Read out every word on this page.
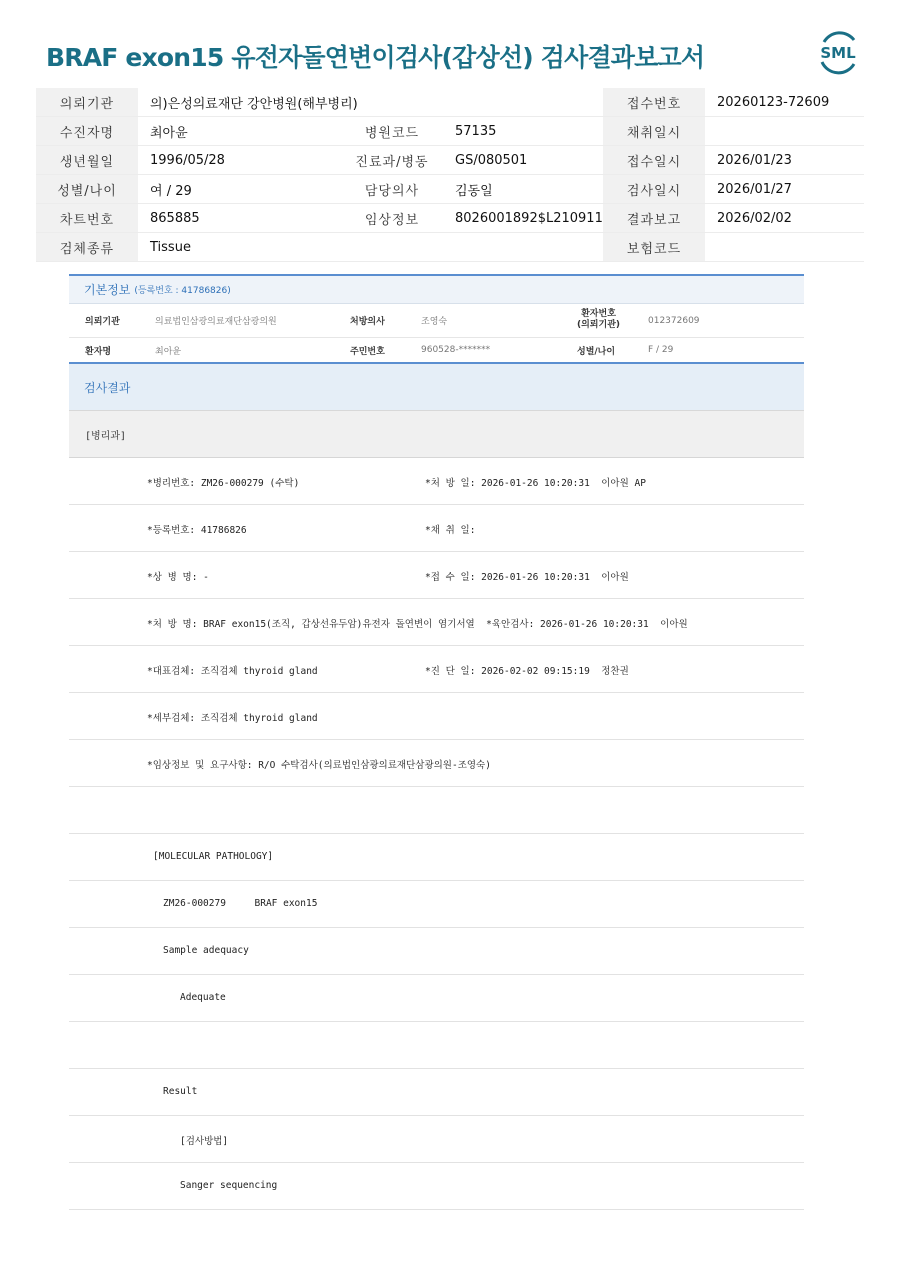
BRAF exon15 유전자돌연변이검사(갑상선) 검사결과보고서	SML
의뢰기관	의)은성의료재단 강안병원(해부병리)			접수번호	20260123-72609
수진자명	최아윤	병원코드	57135	채취일시	
생년월일	1996/05/28	진료과/병동	GS/080501	접수일시	2026/01/23
성별/나이	여 / 29	담당의사	김동일	검사일시	2026/01/27
차트번호	865885	임상정보	8026001892$L210911	결과보고	2026/02/02
검체종류	Tissue			보험코드	
기본정보 (등록번호 : 41786826)
의뢰기관	의료법인삼광의료재단삼광의원	처방의사	조영숙
환자번호
(의뢰기관)	012372609
환자명	최아윤	주민번호	960528-*******	성별/나이	F / 29
검사결과
[병리과]
*병리번호: ZM26-000279 (수탁)	*처 방 일: 2026-01-26 10:20:31  이아원 AP
*등록번호: 41786826	*채 취 일:
*상 병 명: -	*접 수 일: 2026-01-26 10:20:31  이아원
*처 방 명: BRAF exon15(조직, 갑상선유두암)유전자 돌연변이 염기서열  *육안검사: 2026-01-26 10:20:31  이아원
*대표검체: 조직검체 thyroid gland	*진 단 일: 2026-02-02 09:15:19  정찬권
*세부검체: 조직검체 thyroid gland
*임상정보 및 요구사항: R/O 수탁검사(의료법인삼광의료재단삼광의원-조영숙)
[MOLECULAR PATHOLOGY]
ZM26-000279     BRAF exon15
Sample adequacy
Adequate
Result
[검사방법]
Sanger sequencing
